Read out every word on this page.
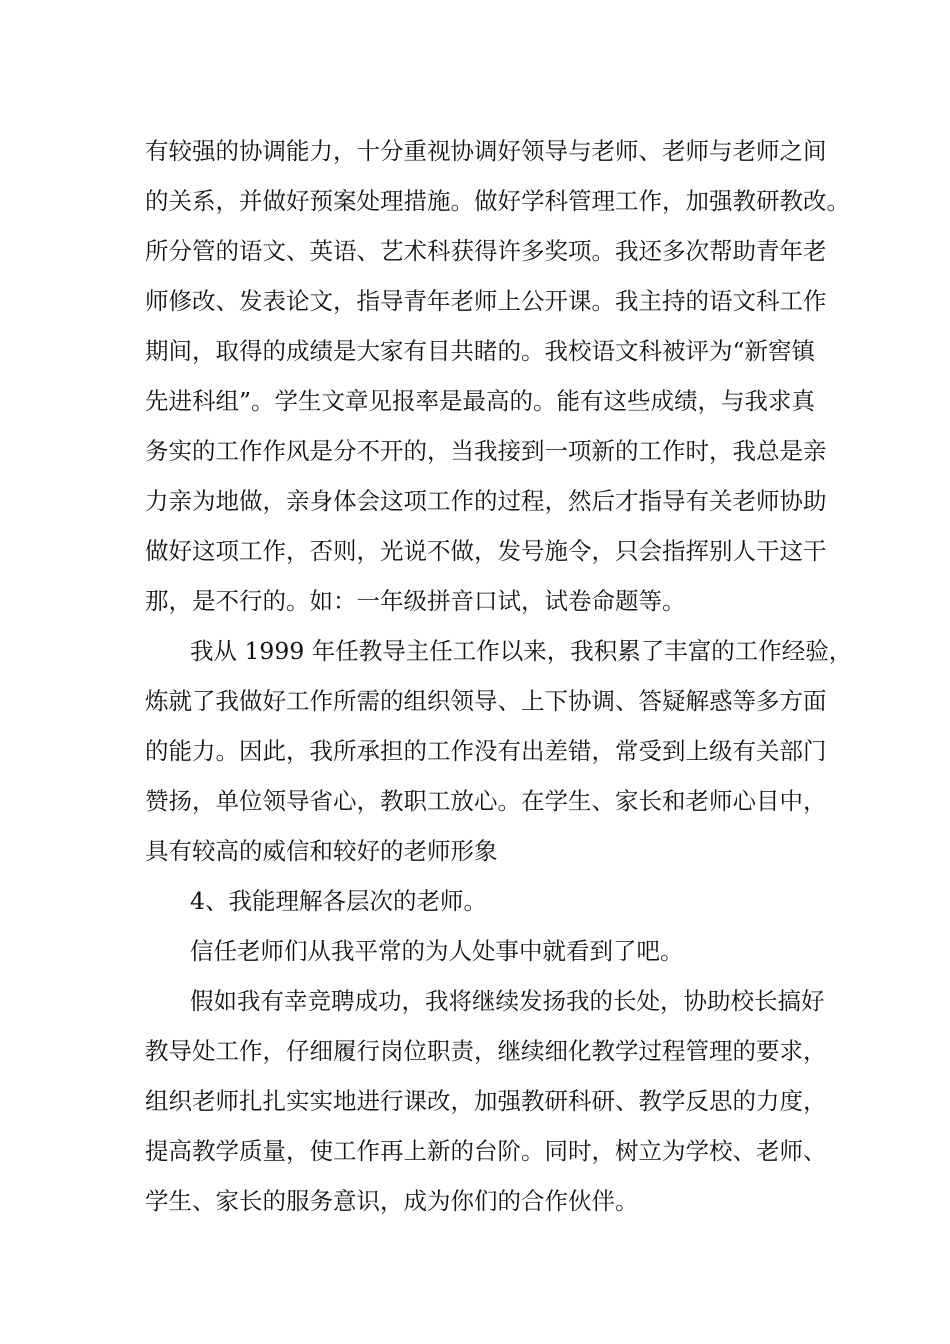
有较强的协调能力，十分重视协调好领导与老师、老师与老师之间
的关系，并做好预案处理措施。做好学科管理工作，加强教研教改。
所分管的语文、英语、艺术科获得许多奖项。我还多次帮助青年老
师修改、发表论文，指导青年老师上公开课。我主持的语文科工作
期间，取得的成绩是大家有目共睹的。我校语文科被评为“新窖镇
先进科组”。学生文章见报率是最高的。能有这些成绩，与我求真
务实的工作作风是分不开的，当我接到一项新的工作时，我总是亲
力亲为地做，亲身体会这项工作的过程，然后才指导有关老师协助
做好这项工作，否则，光说不做，发号施令，只会指挥别人干这干
那，是不行的。如：一年级拼音口试，试卷命题等。
我从 1999 年任教导主任工作以来，我积累了丰富的工作经验，
炼就了我做好工作所需的组织领导、上下协调、答疑解惑等多方面
的能力。因此，我所承担的工作没有出差错，常受到上级有关部门
赞扬，单位领导省心，教职工放心。在学生、家长和老师心目中，
具有较高的威信和较好的老师形象
4、我能理解各层次的老师。
信任老师们从我平常的为人处事中就看到了吧。
假如我有幸竞聘成功，我将继续发扬我的长处，协助校长搞好
教导处工作，仔细履行岗位职责，继续细化教学过程管理的要求，
组织老师扎扎实实地进行课改，加强教研科研、教学反思的力度，
提高教学质量，使工作再上新的台阶。同时，树立为学校、老师、
学生、家长的服务意识，成为你们的合作伙伴。
